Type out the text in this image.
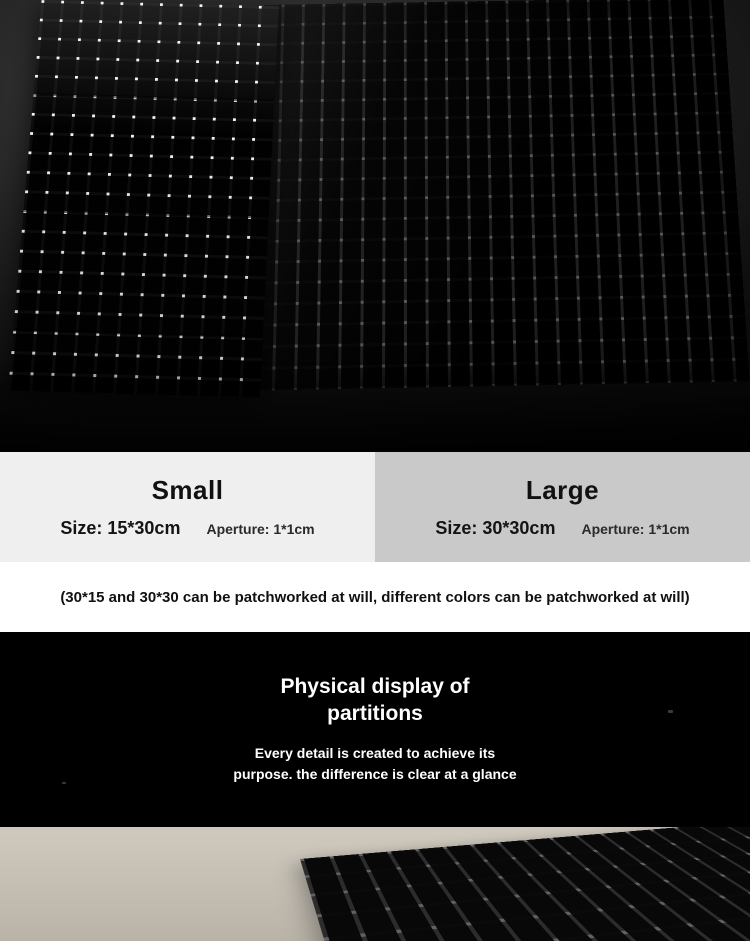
Small
Size: 15*30cm Aperture: 1*1cm
Large
Size: 30*30cm Aperture: 1*1cm
(30*15 and 30*30 can be patchworked at will, different colors can be patchworked at will)
Physical display of
partitions
Every detail is created to achieve its
purpose. the difference is clear at a glance
